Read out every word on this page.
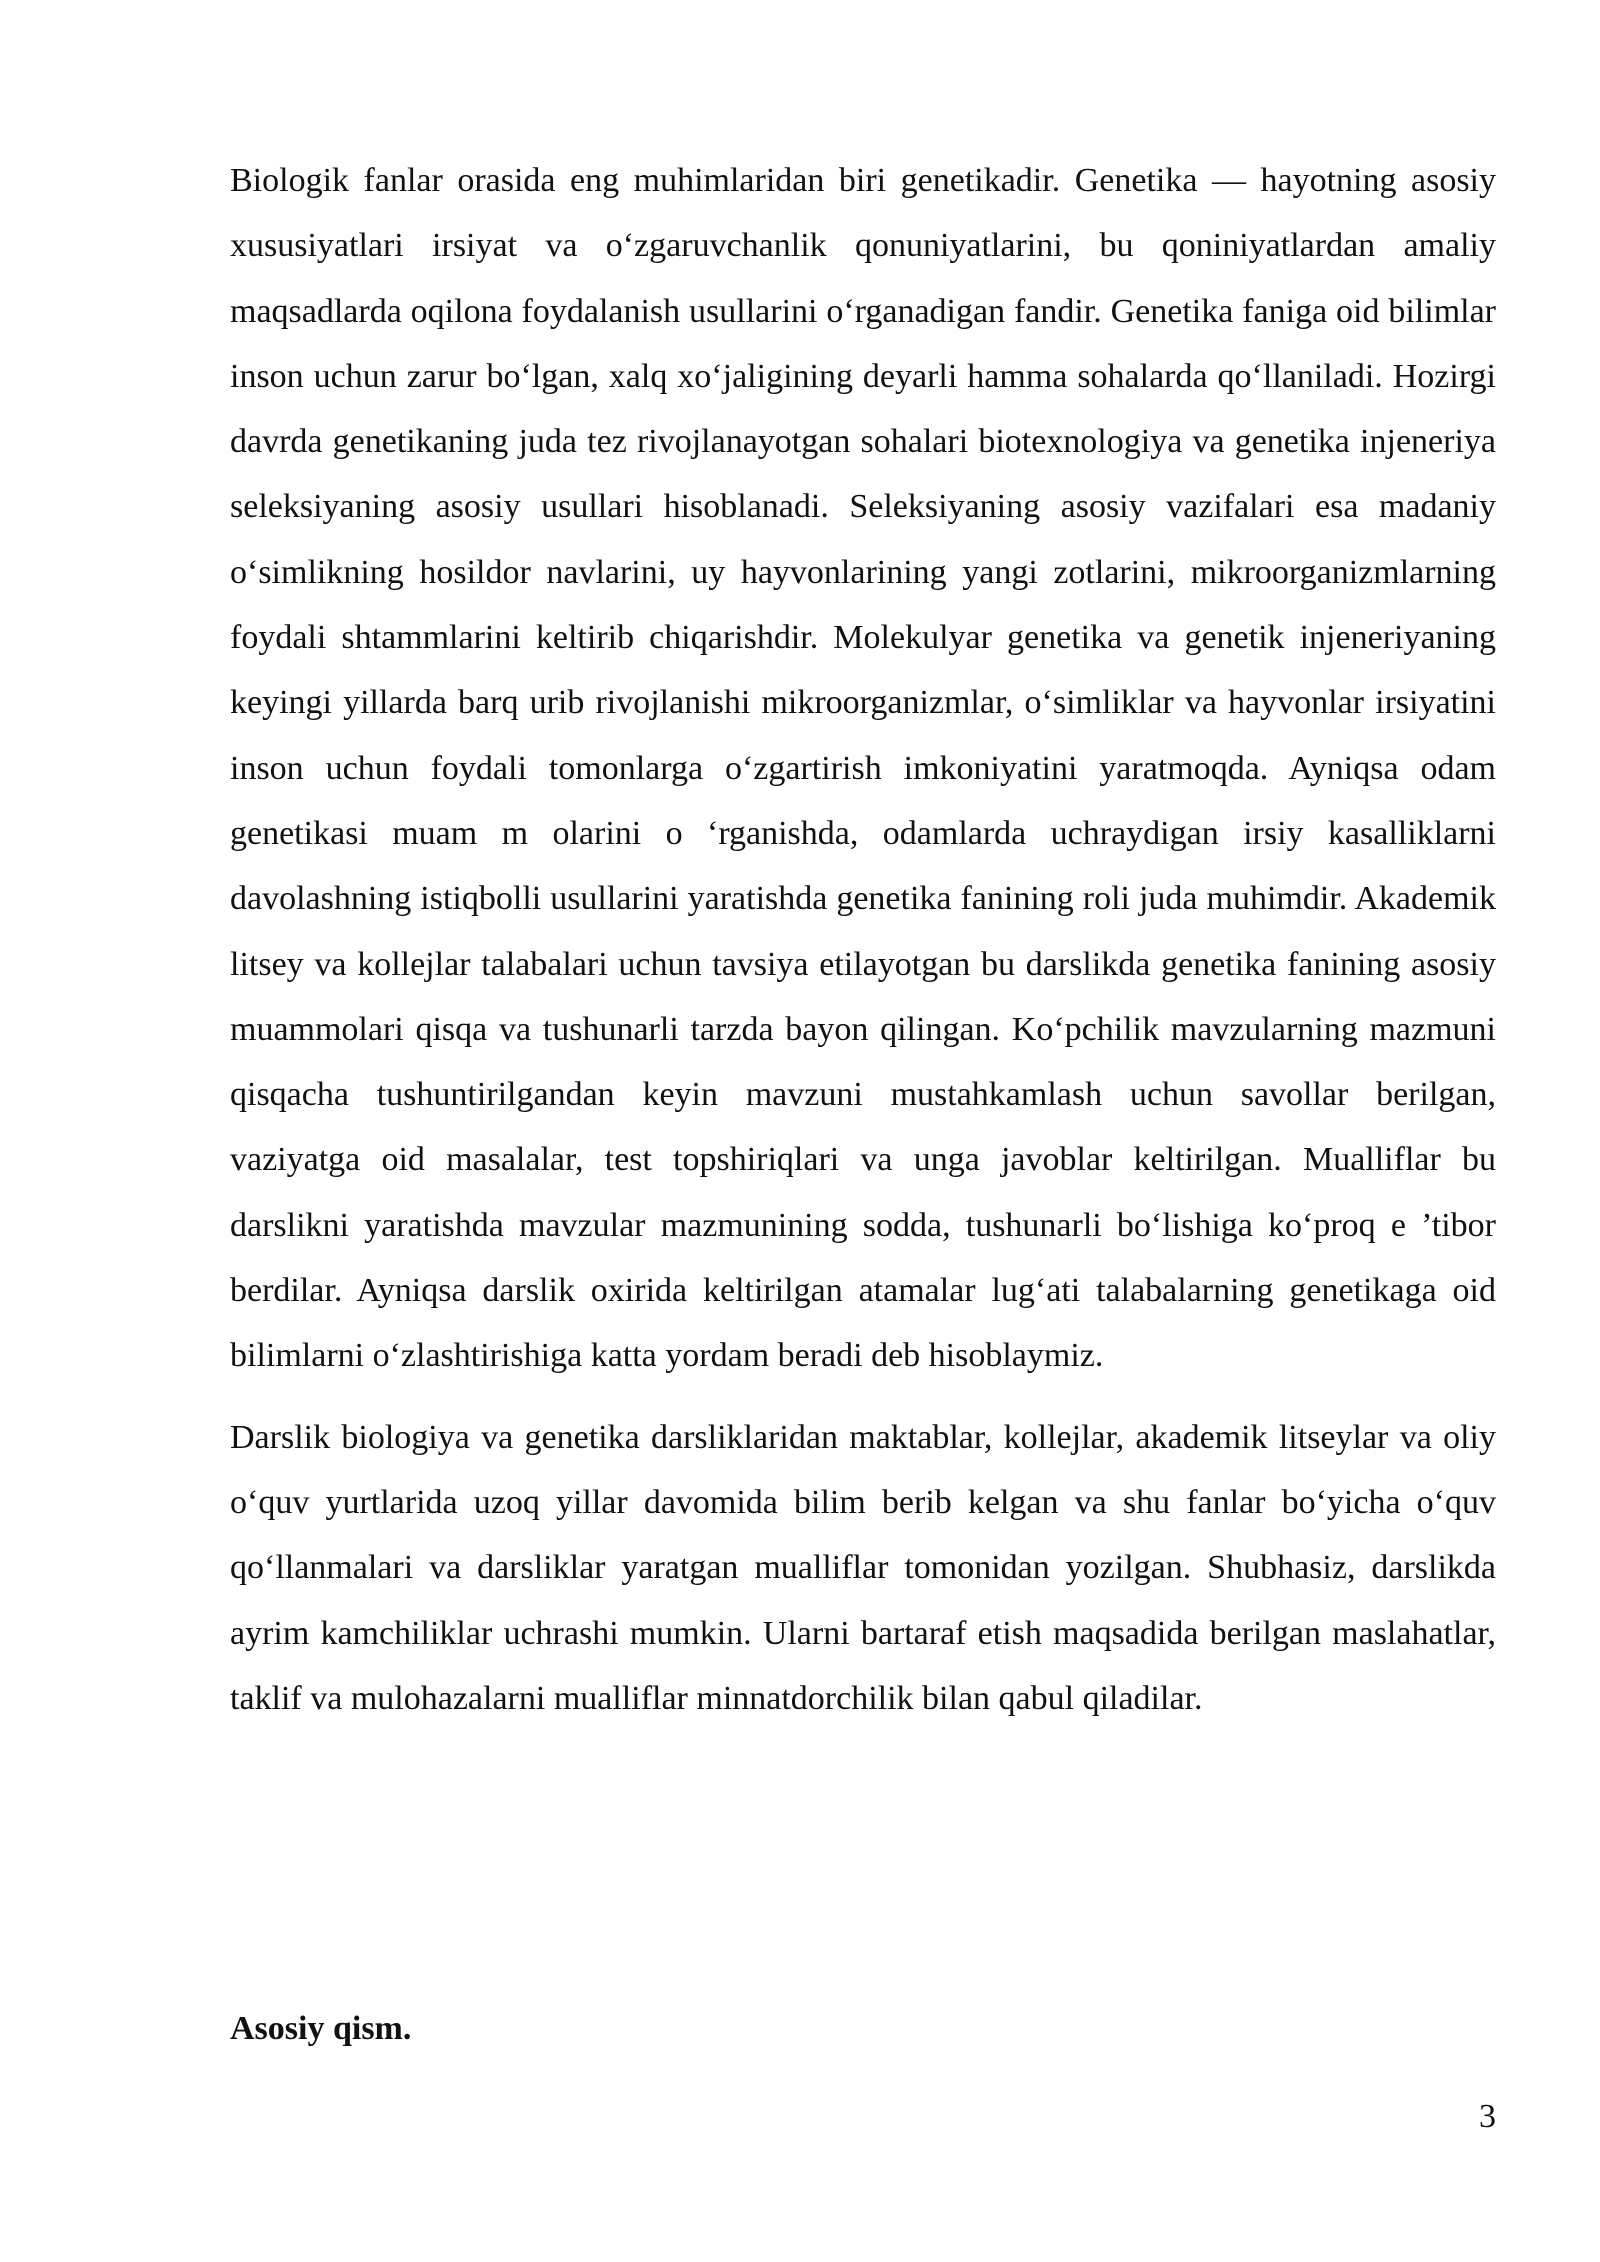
Biologik fanlar orasida eng muhimlaridan biri genetikadir. Genetika — hayotning asosiy xususiyatlari irsiyat va o‘zgaruvchanlik qonuniyatlarini, bu qoniniyatlardan amaliy maqsadlarda oqilona foydalanish usullarini o‘rganadigan fandir. Genetika faniga oid bilimlar inson uchun zarur bo‘lgan, xalq xo‘jaligining deyarli hamma sohalarda qo‘llaniladi. Hozirgi davrda genetikaning juda tez rivojlanayotgan sohalari biotexnologiya va genetika injeneriya seleksiyaning asosiy usullari hisoblanadi. Seleksiyaning asosiy vazifalari esa madaniy o‘simlikning hosildor navlarini, uy hayvonlarining yangi zotlarini, mikroorganizmlarning foydali shtammlarini keltirib chiqarishdir. Molekulyar genetika va genetik injeneriyaning keyingi yillarda barq urib rivojlanishi mikroorganizmlar, o‘simliklar va hayvonlar irsiyatini inson uchun foydali tomonlarga o‘zgartirish imkoniyatini yaratmoqda. Ayniqsa odam genetikasi muam m olarini o ‘rganishda, odamlarda uchraydigan irsiy kasalliklarni davolashning istiqbolli usullarini yaratishda genetika fanining roli juda muhimdir. Akademik litsey va kollejlar talabalari uchun tavsiya etilayotgan bu darslikda genetika fanining asosiy muammolari qisqa va tushunarli tarzda bayon qilingan. Ko‘pchilik mavzularning mazmuni qisqacha tushuntirilgandan keyin mavzuni mustahkamlash uchun savollar berilgan, vaziyatga oid masalalar, test topshiriqlari va unga javoblar keltirilgan. Mualliflar bu darslikni yaratishda mavzular mazmunining sodda, tushunarli bo‘lishiga ko‘proq e ’tibor berdilar. Ayniqsa darslik oxirida keltirilgan atamalar lug‘ati talabalarning genetikaga oid bilimlarni o‘zlashtirishiga katta yordam beradi deb hisoblaymiz.

Darslik biologiya va genetika darsliklaridan maktablar, kollejlar, akademik litseylar va oliy o‘quv yurtlarida uzoq yillar davomida bilim berib kelgan va shu fanlar bo‘yicha o‘quv qo‘llanmalari va darsliklar yaratgan mualliflar tomonidan yozilgan. Shubhasiz, darslikda ayrim kamchiliklar uchrashi mumkin. Ularni bartaraf etish maqsadida berilgan maslahatlar, taklif va mulohazalarni mualliflar minnatdorchilik bilan qabul qiladilar.

Asosiy qism.

3
